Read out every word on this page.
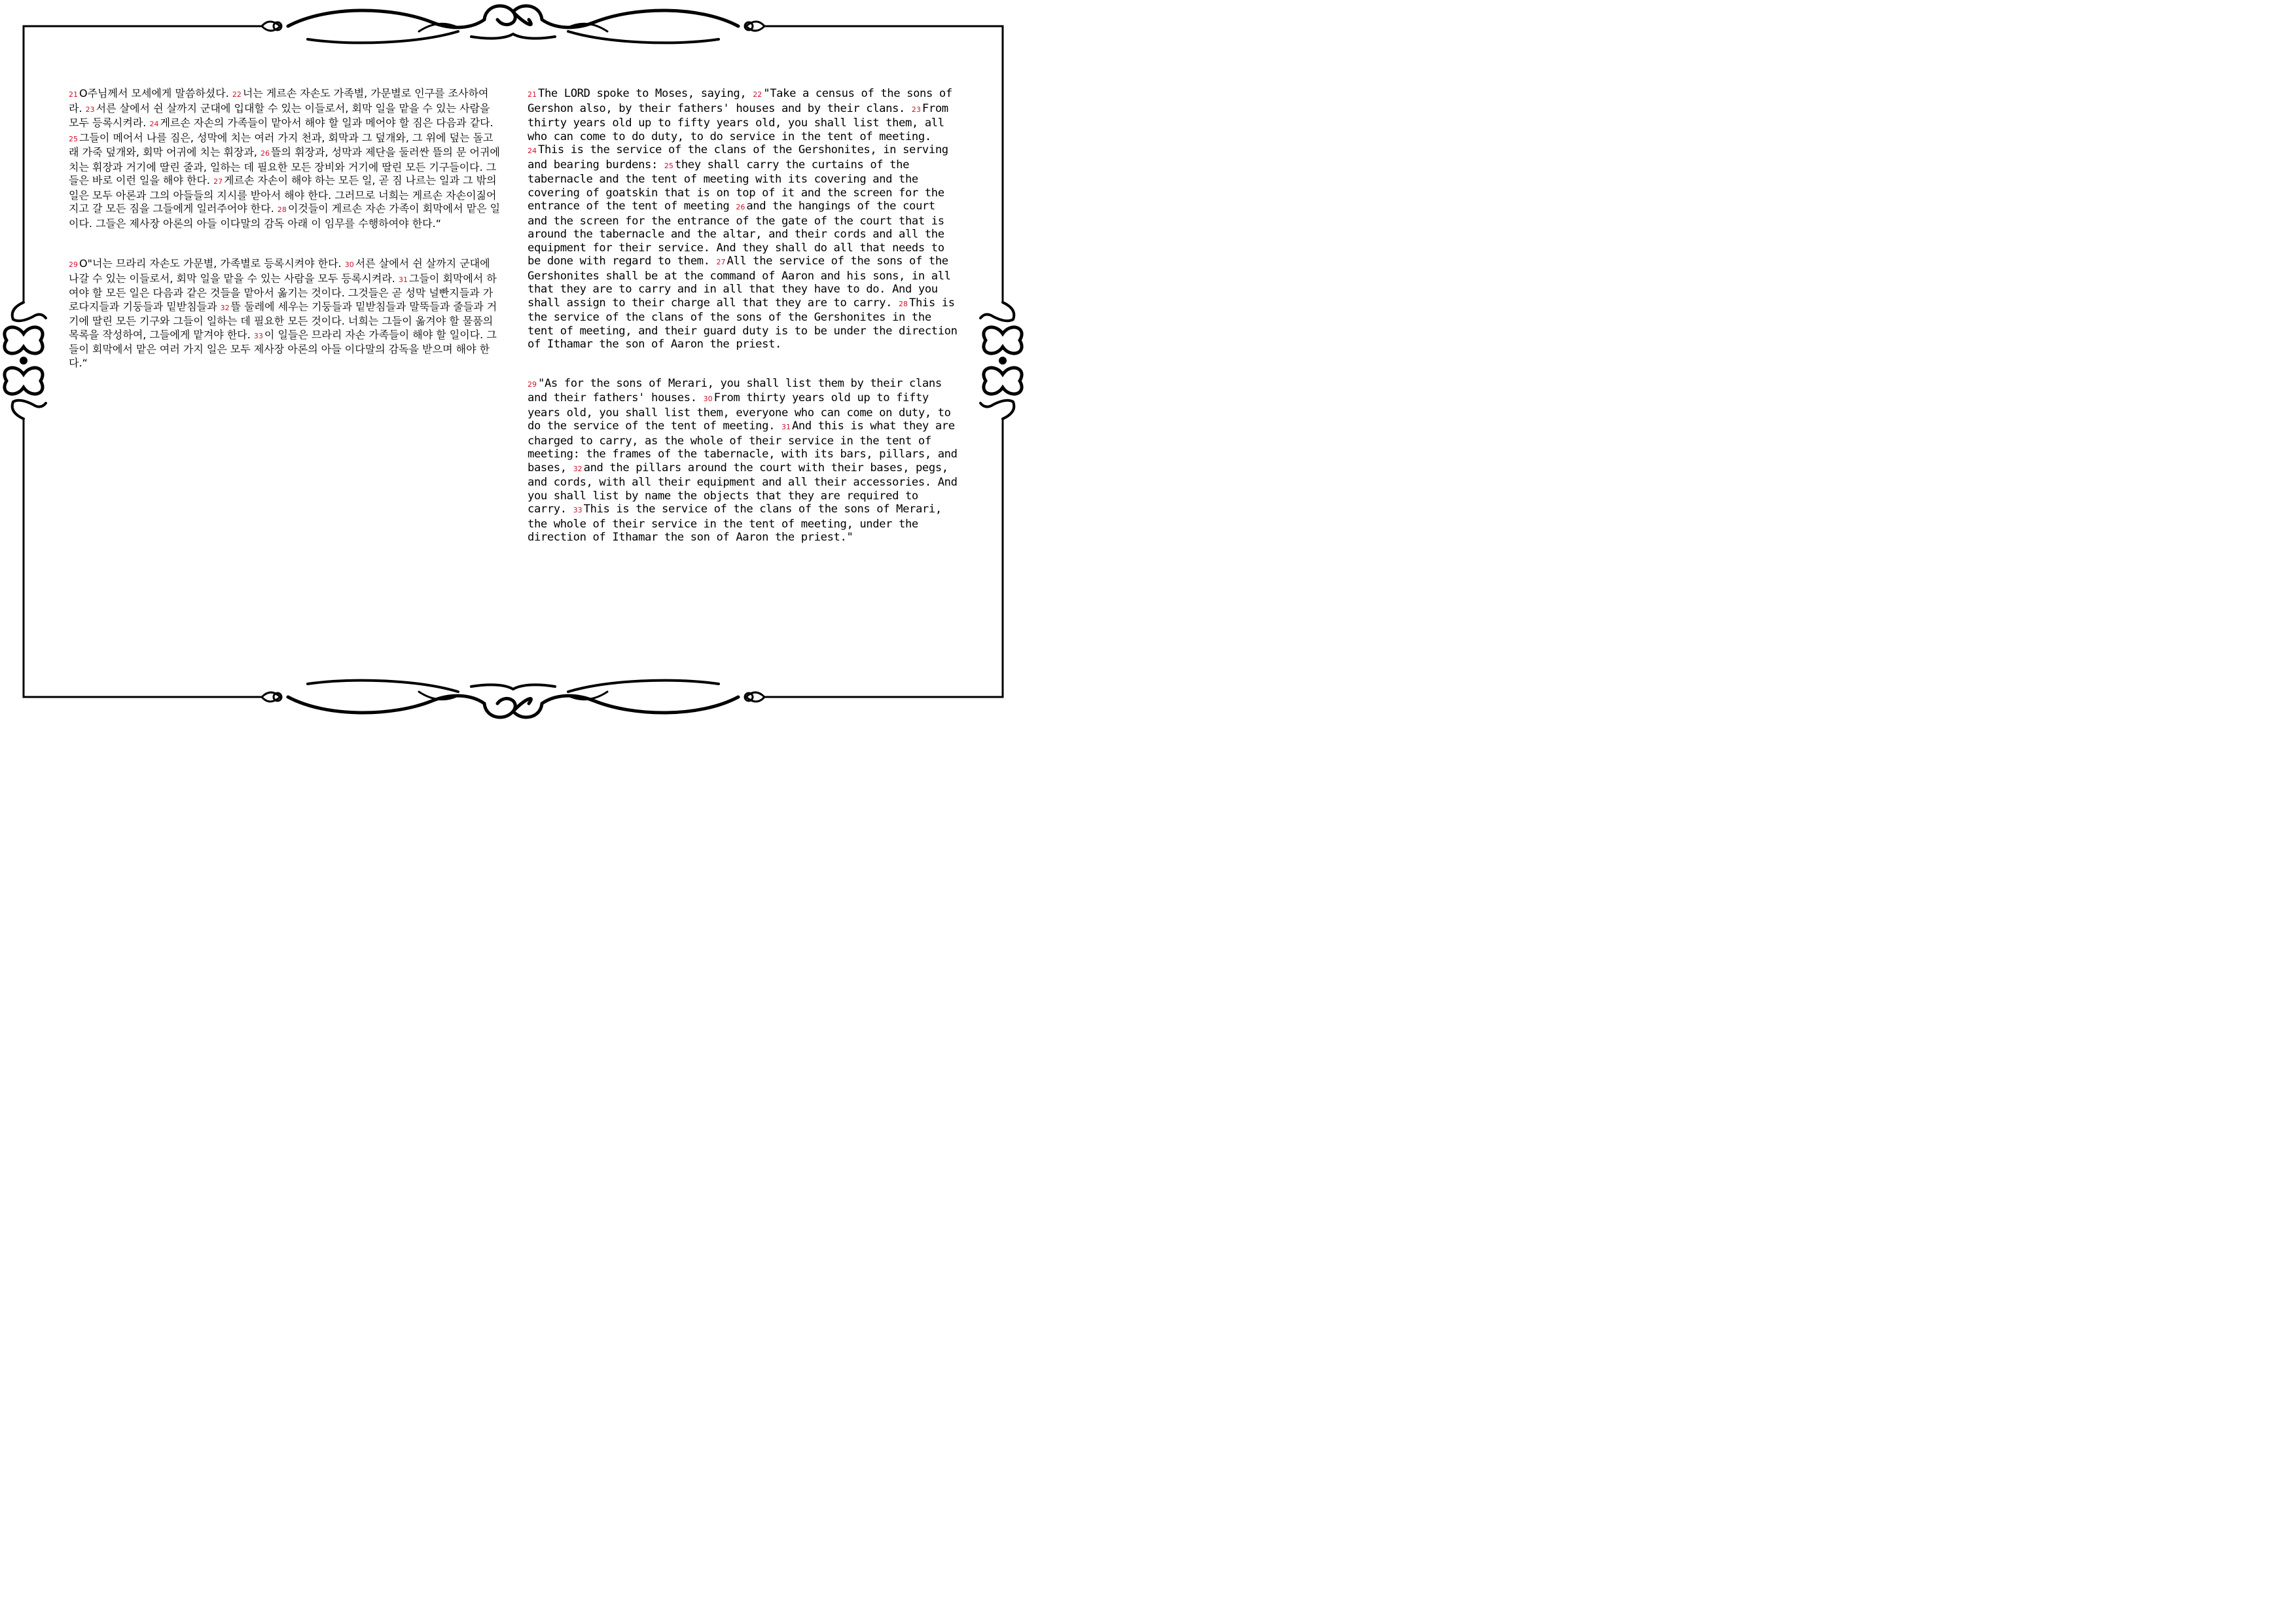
21 O주님께서 모세에게 말씀하셨다. 22 너는 게르손 자손도 가족별, 가문별로 인구를 조사하여라. 23 서른 살에서 쉰 살까지 군대에 입대할 수 있는 이들로서, 회막 일을 맡을 수 있는 사람을 모두 등록시켜라. 24 게르손 자손의 가족들이 맡아서 해야 할 일과 메어야 할 짐은 다음과 같다. 25 그들이 메어서 나를 짐은, 성막에 치는 여러 가지 천과, 회막과 그 덮개와, 그 위에 덮는 돌고래 가죽 덮개와, 회막 어귀에 치는 휘장과, 26 뜰의 휘장과, 성막과 제단을 둘러싼 뜰의 문 어귀에 치는 휘장과 거기에 딸린 줄과, 일하는 데 필요한 모든 장비와 거기에 딸린 모든 기구들이다. 그들은 바로 이런 일을 해야 한다. 27 게르손 자손이 해야 하는 모든 일, 곧 짐 나르는 일과 그 밖의 일은 모두 아론과 그의 아들들의 지시를 받아서 해야 한다. 그러므로 너희는 게르손 자손이짊어지고 갈 모든 짐을 그들에게 일러주어야 한다. 28 이것들이 게르손 자손 가족이 회막에서 맡은 일이다. 그들은 제사장 아론의 아들 이다말의 감독 아래 이 임무를 수행하여야 한다.“

29 O"너는 므라리 자손도 가문별, 가족별로 등록시켜야 한다. 30 서른 살에서 쉰 살까지 군대에 나갈 수 있는 이들로서, 회막 일을 맡을 수 있는 사람을 모두 등록시켜라. 31 그들이 회막에서 하여야 할 모든 일은 다음과 같은 것들을 맡아서 옮기는 것이다. 그것들은 곧 성막 널빤지들과 가로다지들과 기둥들과 밑받침들과 32 뜰 둘레에 세우는 기둥들과 밑받침들과 말뚝들과 줄들과 거기에 딸린 모든 기구와 그들이 일하는 데 필요한 모든 것이다. 너희는 그들이 옮겨야 할 물품의목록을 작성하여, 그들에게 맡겨야 한다. 33 이 일들은 므라리 자손 가족들이 해야 할 일이다. 그들이 회막에서 맡은 여러 가지 일은 모두 제사장 아론의 아들 이다말의 감독을 받으며 해야 한다.“

21 The LORD spoke to Moses, saying, 22 "Take a census of the sons of Gershon also, by their fathers' houses and by their clans. 23 From thirty years old up to fifty years old, you shall list them, all who can come to do duty, to do service in the tent of meeting. 24 This is the service of the clans of the Gershonites, in serving and bearing burdens: 25 they shall carry the curtains of the tabernacle and the tent of meeting with its covering and the covering of goatskin that is on top of it and the screen for the entrance of the tent of meeting 26 and the hangings of the court and the screen for the entrance of the gate of the court that is around the tabernacle and the altar, and their cords and all the equipment for their service. And they shall do all that needs to be done with regard to them. 27 All the service of the sons of the Gershonites shall be at the command of Aaron and his sons, in all that they are to carry and in all that they have to do. And you shall assign to their charge all that they are to carry. 28 This is the service of the clans of the sons of the Gershonites in the tent of meeting, and their guard duty is to be under the direction of Ithamar the son of Aaron the priest.

29 "As for the sons of Merari, you shall list them by their clans and their fathers' houses. 30 From thirty years old up to fifty years old, you shall list them, everyone who can come on duty, to do the service of the tent of meeting. 31 And this is what they are charged to carry, as the whole of their service in the tent of meeting: the frames of the tabernacle, with its bars, pillars, and bases, 32 and the pillars around the court with their bases, pegs, and cords, with all their equipment and all their accessories. And you shall list by name the objects that they are required to carry. 33 This is the service of the clans of the sons of Merari, the whole of their service in the tent of meeting, under the direction of Ithamar the son of Aaron the priest."
